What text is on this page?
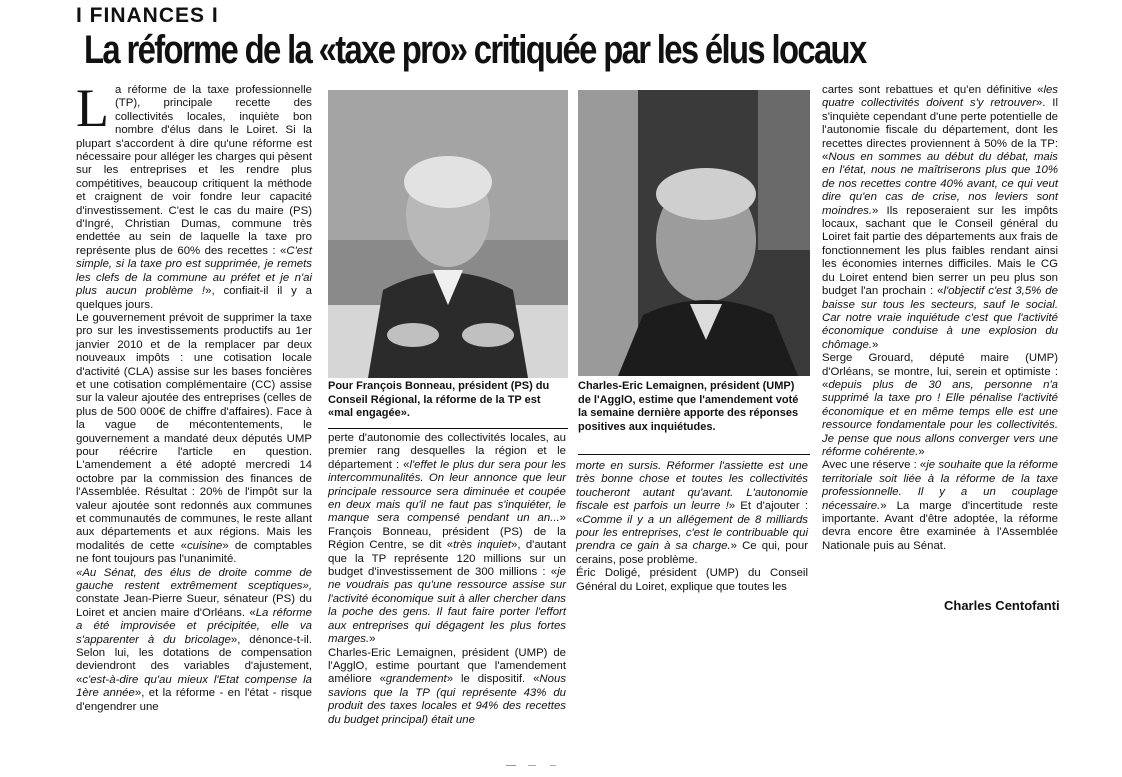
I FINANCES I
La réforme de la «taxe pro» critiquée par les élus locaux

La réforme de la taxe professionnelle (TP), principale recette des collectivités locales, inquiète bon nombre d'élus dans le Loiret. Si la plupart s'accordent à dire qu'une réforme est nécessaire pour alléger les charges qui pèsent sur les entreprises et les rendre plus compétitives, beaucoup critiquent la méthode et craignent de voir fondre leur capacité d'investissement. C'est le cas du maire (PS) d'Ingré, Christian Dumas, commune très endettée au sein de laquelle la taxe pro représente plus de 60% des recettes : «C'est simple, si la taxe pro est supprimée, je remets les clefs de la commune au préfet et je n'ai plus aucun problème !», confiait-il il y a quelques jours.

Le gouvernement prévoit de supprimer la taxe pro sur les investissements productifs au 1er janvier 2010 et de la remplacer par deux nouveaux impôts : une cotisation locale d'activité (CLA) assise sur les bases foncières et une cotisation complémentaire (CC) assise sur la valeur ajoutée des entreprises (celles de plus de 500 000€ de chiffre d'affaires). Face à la vague de mécontentements, le gouvernement a mandaté deux députés UMP pour réécrire l'article en question. L'amendement a été adopté mercredi 14 octobre par la commission des finances de l'Assemblée. Résultat : 20% de l'impôt sur la valeur ajoutée sont redonnés aux communes et communautés de communes, le reste allant aux départements et aux régions. Mais les modalités de cette «cuisine» de comptables ne font toujours pas l'unanimité.

«Au Sénat, des élus de droite comme de gauche restent extrêmement sceptiques», constate Jean-Pierre Sueur, sénateur (PS) du Loiret et ancien maire d'Orléans. «La réforme a été improvisée et précipitée, elle va s'apparenter à du bricolage», dénonce-t-il. Selon lui, les dotations de compensation deviendront des variables d'ajustement, «c'est-à-dire qu'au mieux l'Etat compense la 1ère année», et la réforme - en l'état - risque d'engendrer une

Pour François Bonneau, président (PS) du Conseil Régional, la réforme de la TP est «mal engagée».
Charles-Eric Lemaignen, président (UMP) de l'AgglO, estime que l'amendement voté la semaine dernière apporte des réponses positives aux inquiétudes.

perte d'autonomie des collectivités locales, au premier rang desquelles la région et le département : «l'effet le plus dur sera pour les intercommunalités. On leur annonce que leur principale ressource sera diminuée et coupée en deux mais qu'il ne faut pas s'inquiéter, le manque sera compensé pendant un an...» François Bonneau, président (PS) de la Région Centre, se dit «très inquiet», d'autant que la TP représente 120 millions sur un budget d'investissement de 300 millions : «je ne voudrais pas qu'une ressource assise sur l'activité économique suit à aller chercher dans la poche des gens. Il faut faire porter l'effort aux entreprises qui dégagent les plus fortes marges.»

Charles-Eric Lemaignen, président (UMP) de l'AgglO, estime pourtant que l'amendement améliore «grandement» le dispositif. «Nous savions que la TP (qui représente 43% du produit des taxes locales et 94% des recettes du budget principal) était une

morte en sursis. Réformer l'assiette est une très bonne chose et toutes les collectivités toucheront autant qu'avant. L'autonomie fiscale est parfois un leurre !» Et d'ajouter : «Comme il y a un allégement de 8 milliards pour les entreprises, c'est le contribuable qui prendra ce gain à sa charge.» Ce qui, pour cerains, pose problème.

Éric Doligé, président (UMP) du Conseil Général du Loiret, explique que toutes les

cartes sont rebattues et qu'en définitive «les quatre collectivités doivent s'y retrouver». Il s'inquiète cependant d'une perte potentielle de l'autonomie fiscale du département, dont les recettes directes proviennent à 50% de la TP: «Nous en sommes au début du débat, mais en l'état, nous ne maîtriserons plus que 10% de nos recettes contre 40% avant, ce qui veut dire qu'en cas de crise, nos leviers sont moindres.» Ils reposeraient sur les impôts locaux, sachant que le Conseil général du Loiret fait partie des départements aux frais de fonctionnement les plus faibles rendant ainsi les économies internes difficiles. Mais le CG du Loiret entend bien serrer un peu plus son budget l'an prochain : «l'objectif c'est 3,5% de baisse sur tous les secteurs, sauf le social. Car notre vraie inquiétude c'est que l'activité économique conduise à une explosion du chômage.»

Serge Grouard, député maire (UMP) d'Orléans, se montre, lui, serein et optimiste : «depuis plus de 30 ans, personne n'a supprimé la taxe pro ! Elle pénalise l'activité économique et en même temps elle est une ressource fondamentale pour les collectivités. Je pense que nous allons converger vers une réforme cohérente.»

Avec une réserve : «je souhaite que la réforme territoriale soit liée à la réforme de la taxe professionnelle. Il y a un couplage nécessaire.» La marge d'incertitude reste importante. Avant d'être adoptée, la réforme devra encore être examinée à l'Assemblée Nationale puis au Sénat.

Charles Centofanti
